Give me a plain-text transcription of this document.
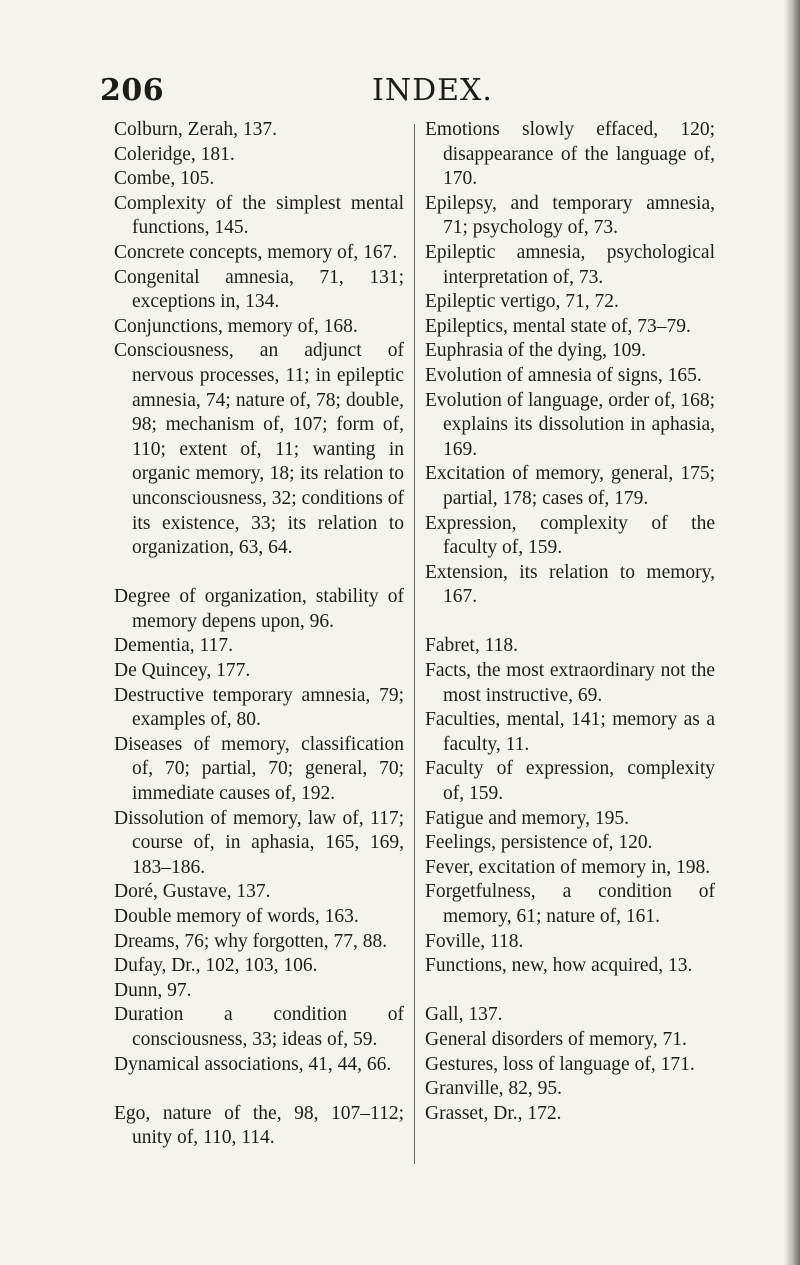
206	INDEX.
Colburn, Zerah, 137.
Coleridge, 181.
Combe, 105.
Complexity of the simplest mental functions, 145.
Concrete concepts, memory of, 167.
Congenital amnesia, 71, 131; exceptions in, 134.
Conjunctions, memory of, 168.
Consciousness, an adjunct of nervous processes, 11; in epileptic amnesia, 74; nature of, 78; double, 98; mechanism of, 107; form of, 110; extent of, 11; wanting in organic memory, 18; its relation to unconsciousness, 32; conditions of its existence, 33; its relation to organization, 63, 64.
Degree of organization, stability of memory depens upon, 96.
Dementia, 117.
De Quincey, 177.
Destructive temporary amnesia, 79; examples of, 80.
Diseases of memory, classification of, 70; partial, 70; general, 70; immediate causes of, 192.
Dissolution of memory, law of, 117; course of, in aphasia, 165, 169, 183–186.
Doré, Gustave, 137.
Double memory of words, 163.
Dreams, 76; why forgotten, 77, 88.
Dufay, Dr., 102, 103, 106.
Dunn, 97.
Duration a condition of consciousness, 33; ideas of, 59.
Dynamical associations, 41, 44, 66.
Ego, nature of the, 98, 107–112; unity of, 110, 114.
Emotions slowly effaced, 120; disappearance of the language of, 170.
Epilepsy, and temporary amnesia, 71; psychology of, 73.
Epileptic amnesia, psychological interpretation of, 73.
Epileptic vertigo, 71, 72.
Epileptics, mental state of, 73–79.
Euphrasia of the dying, 109.
Evolution of amnesia of signs, 165.
Evolution of language, order of, 168; explains its dissolution in aphasia, 169.
Excitation of memory, general, 175; partial, 178; cases of, 179.
Expression, complexity of the faculty of, 159.
Extension, its relation to memory, 167.
Fabret, 118.
Facts, the most extraordinary not the most instructive, 69.
Faculties, mental, 141; memory as a faculty, 11.
Faculty of expression, complexity of, 159.
Fatigue and memory, 195.
Feelings, persistence of, 120.
Fever, excitation of memory in, 198.
Forgetfulness, a condition of memory, 61; nature of, 161.
Foville, 118.
Functions, new, how acquired, 13.
Gall, 137.
General disorders of memory, 71.
Gestures, loss of language of, 171.
Granville, 82, 95.
Grasset, Dr., 172.
